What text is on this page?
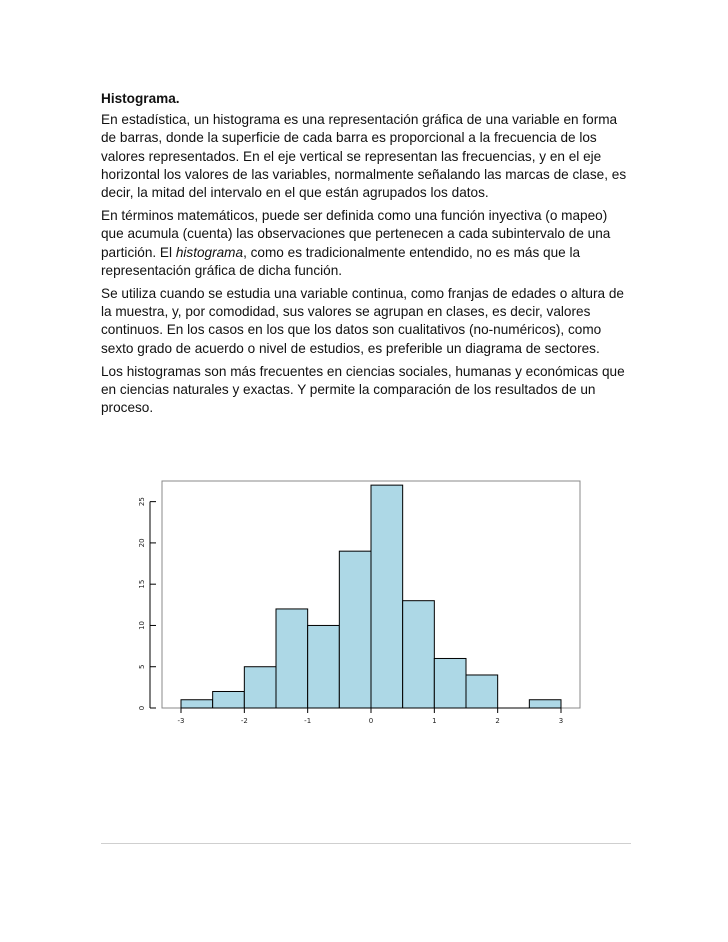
Histograma.

En estadística, un histograma es una representación gráfica de una variable en forma de barras, donde la superficie de cada barra es proporcional a la frecuencia de los valores representados. En el eje vertical se representan las frecuencias, y en el eje horizontal los valores de las variables, normalmente señalando las marcas de clase, es decir, la mitad del intervalo en el que están agrupados los datos.

En términos matemáticos, puede ser definida como una función inyectiva (o mapeo) que acumula (cuenta) las observaciones que pertenecen a cada subintervalo de una partición. El histograma, como es tradicionalmente entendido, no es más que la representación gráfica de dicha función.

Se utiliza cuando se estudia una variable continua, como franjas de edades o altura de la muestra, y, por comodidad, sus valores se agrupan en clases, es decir, valores continuos. En los casos en los que los datos son cualitativos (no-numéricos), como sexto grado de acuerdo o nivel de estudios, es preferible un diagrama de sectores.

Los histogramas son más frecuentes en ciencias sociales, humanas y económicas que en ciencias naturales y exactas. Y permite la comparación de los resultados de un proceso.

-3	-2	-1	0	1	2	3
0
5
10
15
20
25
